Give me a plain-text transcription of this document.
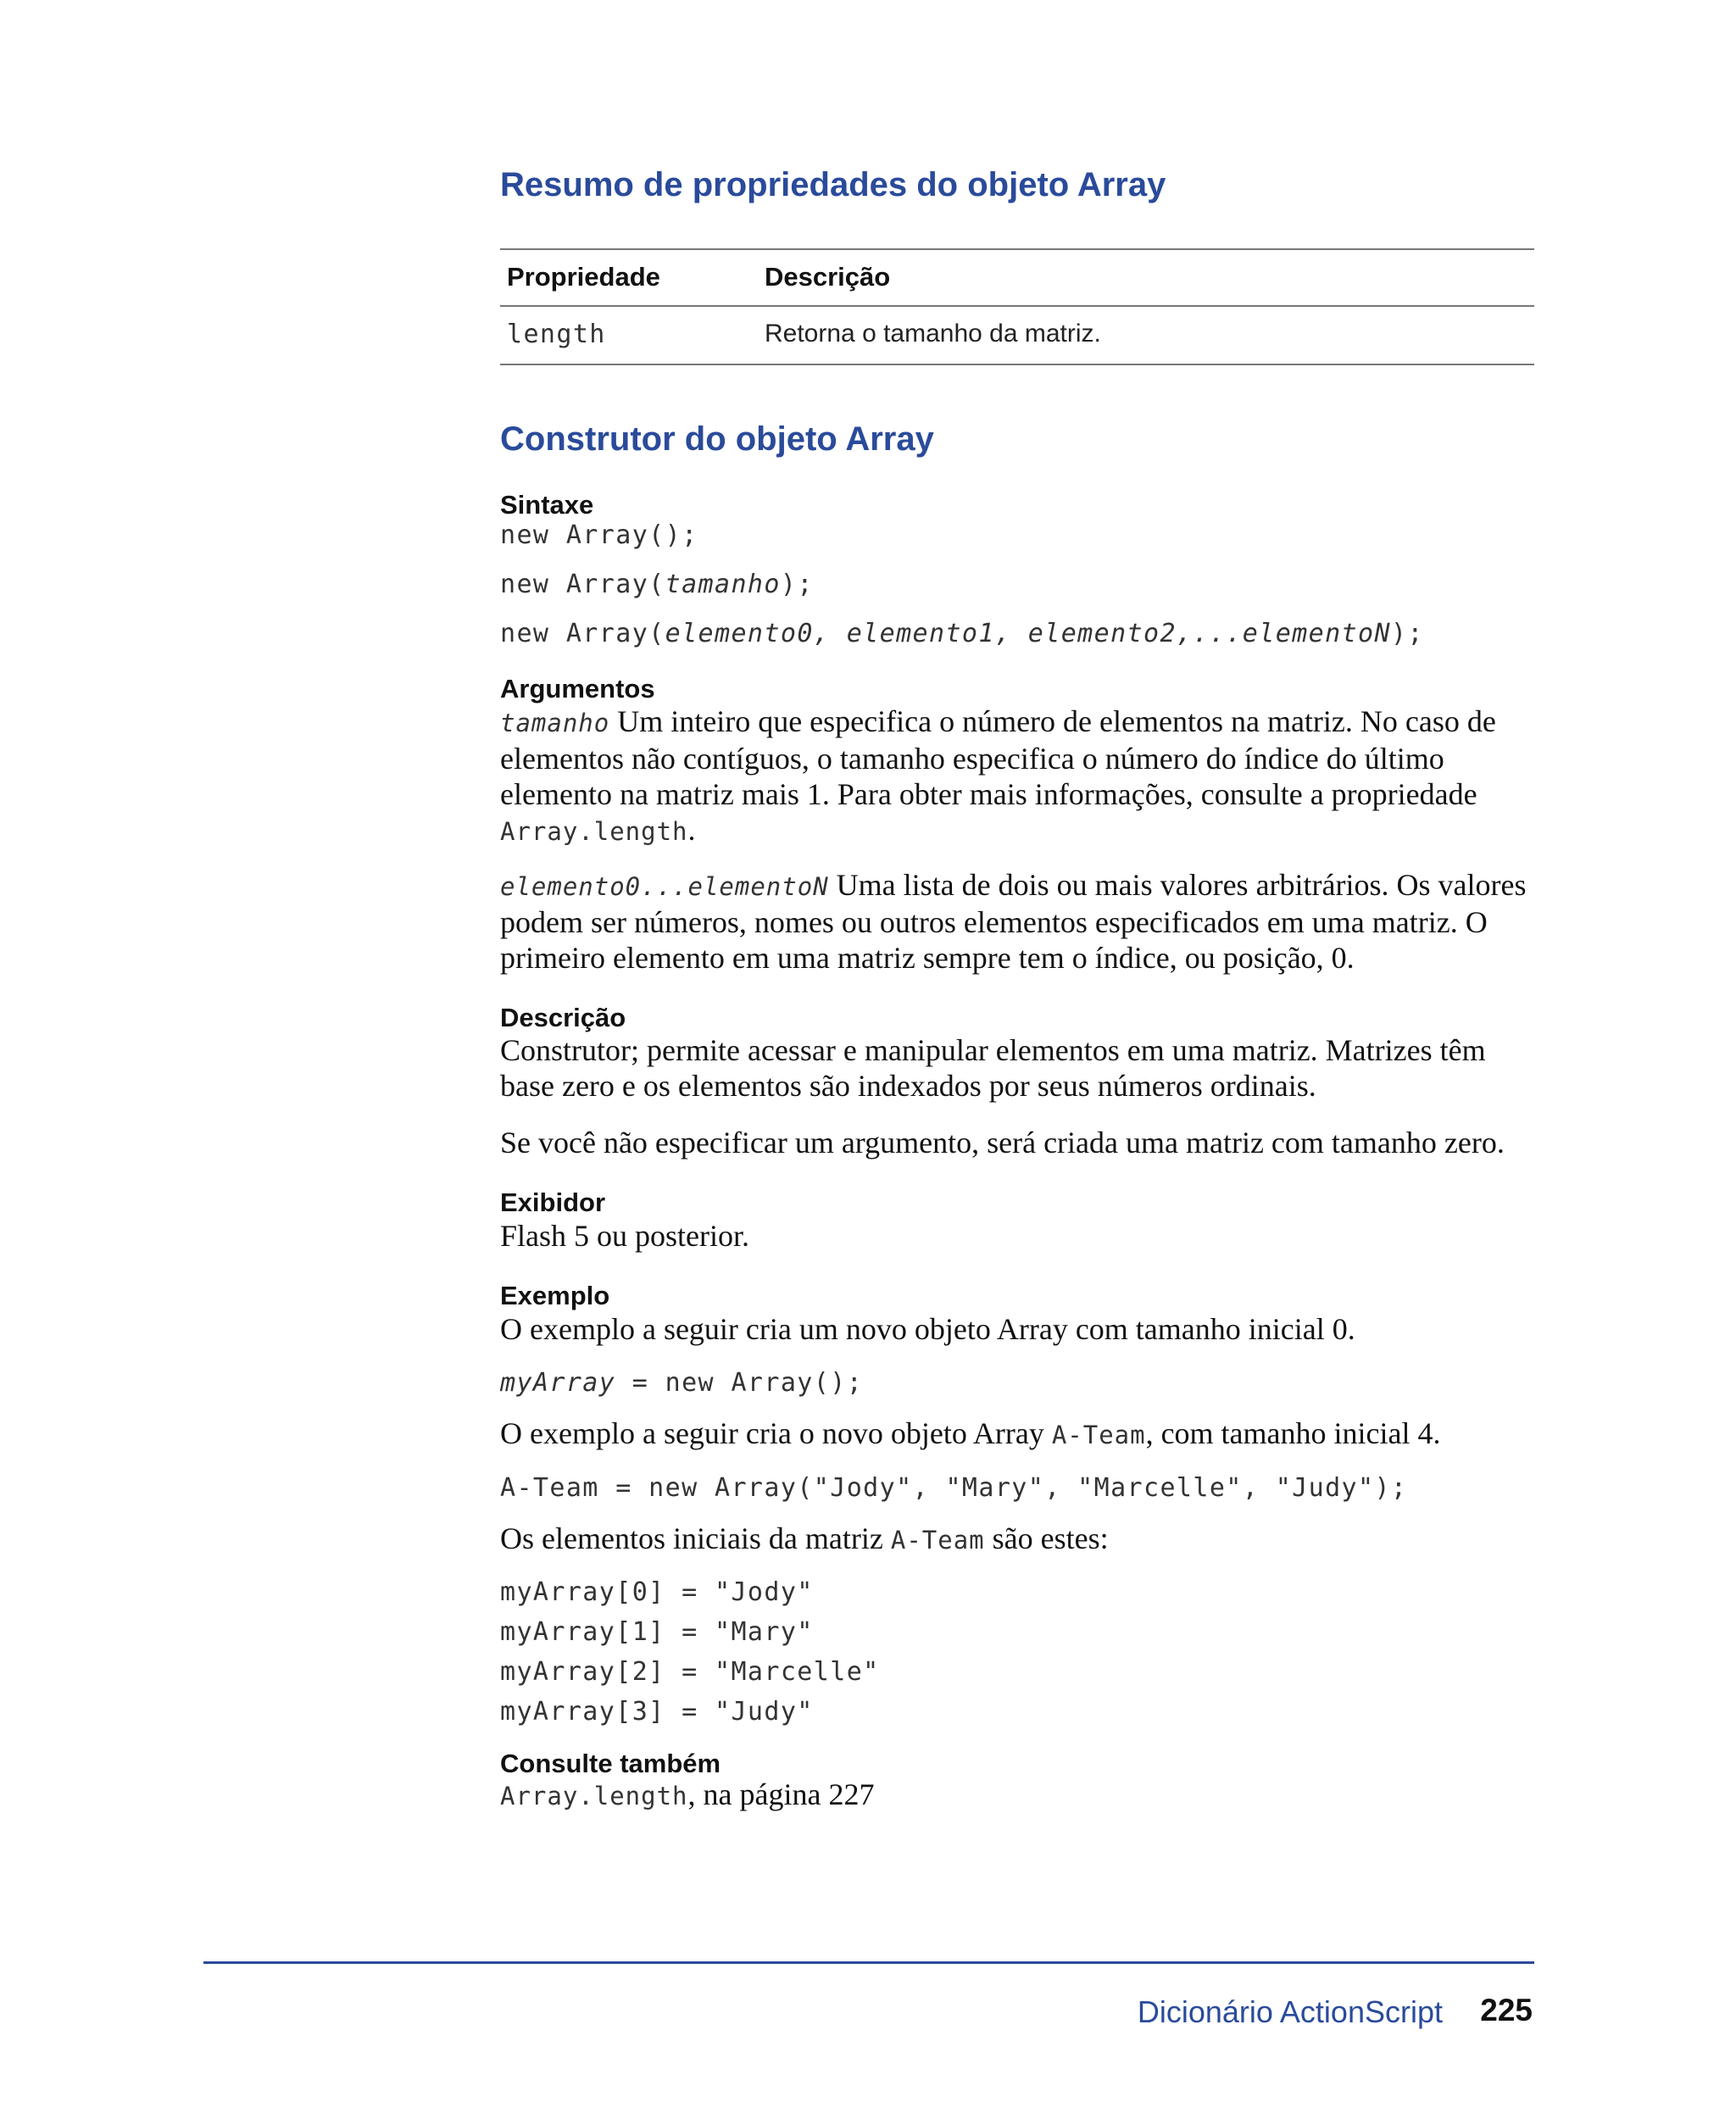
Resumo de propriedades do objeto Array
Propriedade	Descrição
length	Retorna o tamanho da matriz.
Construtor do objeto Array
Sintaxe
new Array();
new Array(tamanho);
new Array(elemento0, elemento1, elemento2,...elementoN);
Argumentos

tamanho Um inteiro que especifica o número de elementos na matriz. No caso de elementos não contíguos, o tamanho especifica o número do índice do último elemento na matriz mais 1. Para obter mais informações, consulte a propriedade Array.length.

elemento0...elementoN Uma lista de dois ou mais valores arbitrários. Os valores podem ser números, nomes ou outros elementos especificados em uma matriz. O primeiro elemento em uma matriz sempre tem o índice, ou posição, 0.

Descrição

Construtor; permite acessar e manipular elementos em uma matriz. Matrizes têm base zero e os elementos são indexados por seus números ordinais.

Se você não especificar um argumento, será criada uma matriz com tamanho zero.

Exibidor

Flash 5 ou posterior.

Exemplo

O exemplo a seguir cria um novo objeto Array com tamanho inicial 0.

myArray = new Array();

O exemplo a seguir cria o novo objeto Array A-Team, com tamanho inicial 4.

A-Team = new Array("Jody", "Mary", "Marcelle", "Judy");

Os elementos iniciais da matriz A-Team são estes:

myArray[0] = "Jody"
myArray[1] = "Mary"
myArray[2] = "Marcelle"
myArray[3] = "Judy"
Consulte também

Array.length, na página 227

Dicionário ActionScript 225
